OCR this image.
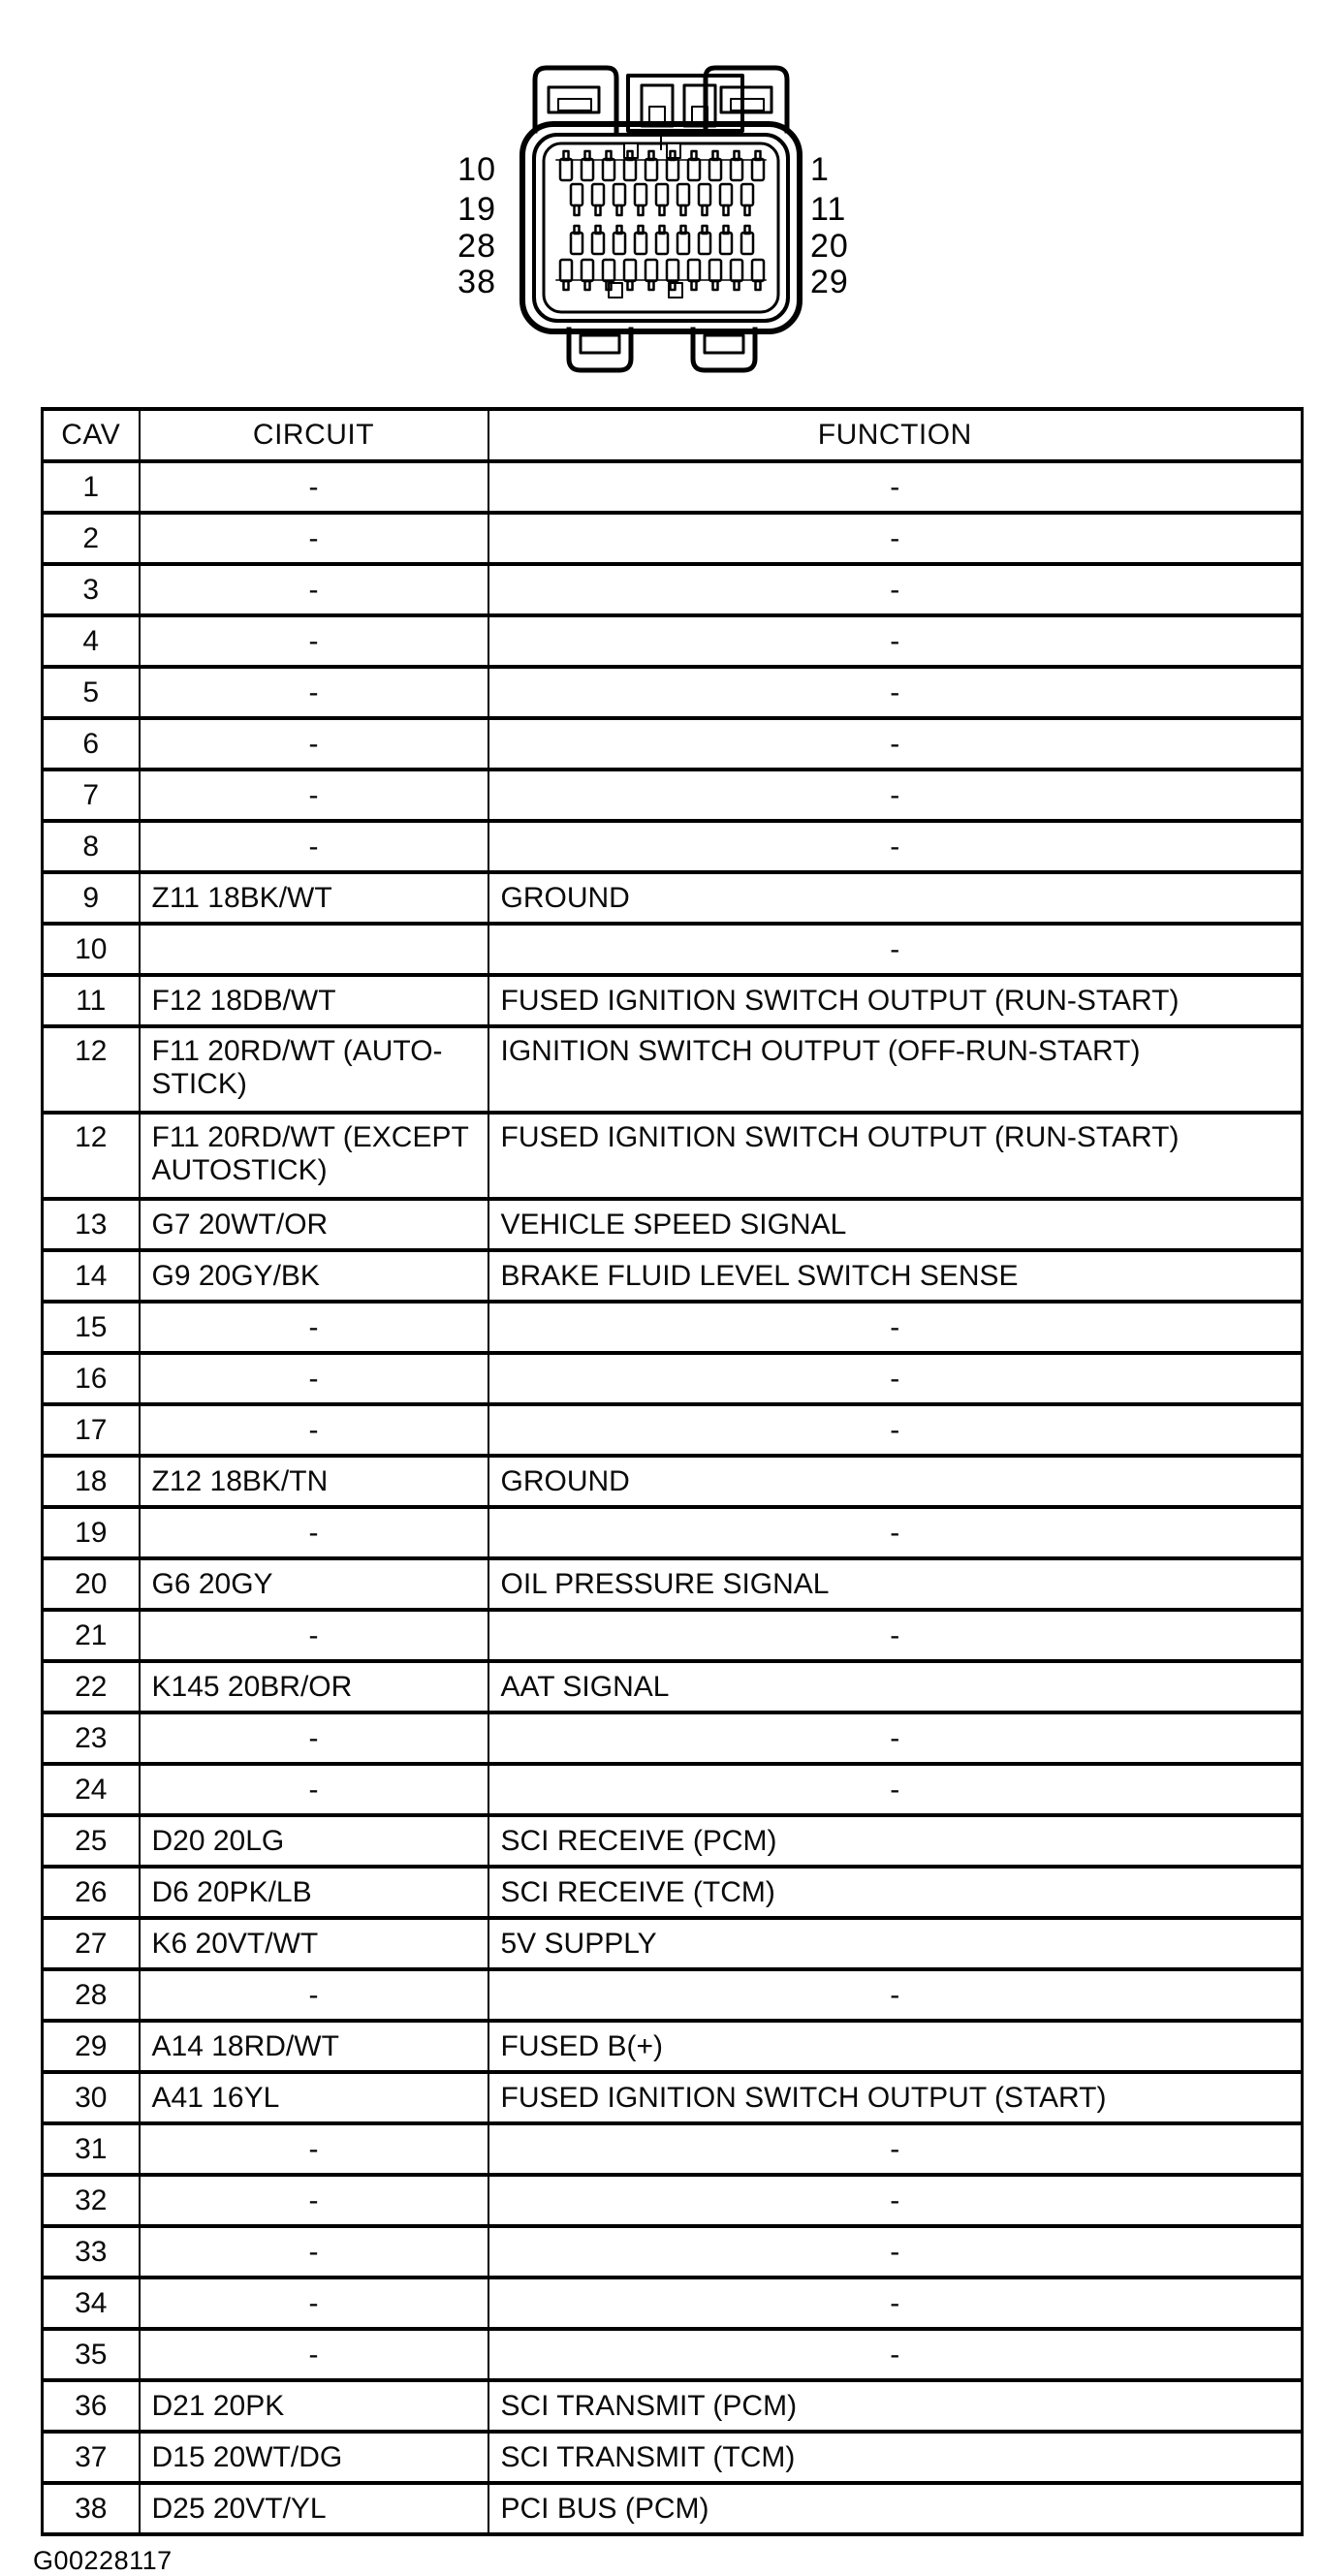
10
19
28
38
1
11
20
29
CAV	CIRCUIT	FUNCTION
1	-	-
2	-	-
3	-	-
4	-	-
5	-	-
6	-	-
7	-	-
8	-	-
9	Z11 18BK/WT	GROUND
10		-
11	F12 18DB/WT	FUSED IGNITION SWITCH OUTPUT (RUN-START)
12	F11 20RD/WT (AUTO-STICK)	IGNITION SWITCH OUTPUT (OFF-RUN-START)
12	F11 20RD/WT (EXCEPT AUTOSTICK)	FUSED IGNITION SWITCH OUTPUT (RUN-START)
13	G7 20WT/OR	VEHICLE SPEED SIGNAL
14	G9 20GY/BK	BRAKE FLUID LEVEL SWITCH SENSE
15	-	-
16	-	-
17	-	-
18	Z12 18BK/TN	GROUND
19	-	-
20	G6 20GY	OIL PRESSURE SIGNAL
21	-	-
22	K145 20BR/OR	AAT SIGNAL
23	-	-
24	-	-
25	D20 20LG	SCI RECEIVE (PCM)
26	D6 20PK/LB	SCI RECEIVE (TCM)
27	K6 20VT/WT	5V SUPPLY
28	-	-
29	A14 18RD/WT	FUSED B(+)
30	A41 16YL	FUSED IGNITION SWITCH OUTPUT (START)
31	-	-
32	-	-
33	-	-
34	-	-
35	-	-
36	D21 20PK	SCI TRANSMIT (PCM)
37	D15 20WT/DG	SCI TRANSMIT (TCM)
38	D25 20VT/YL	PCI BUS (PCM)
G00228117
